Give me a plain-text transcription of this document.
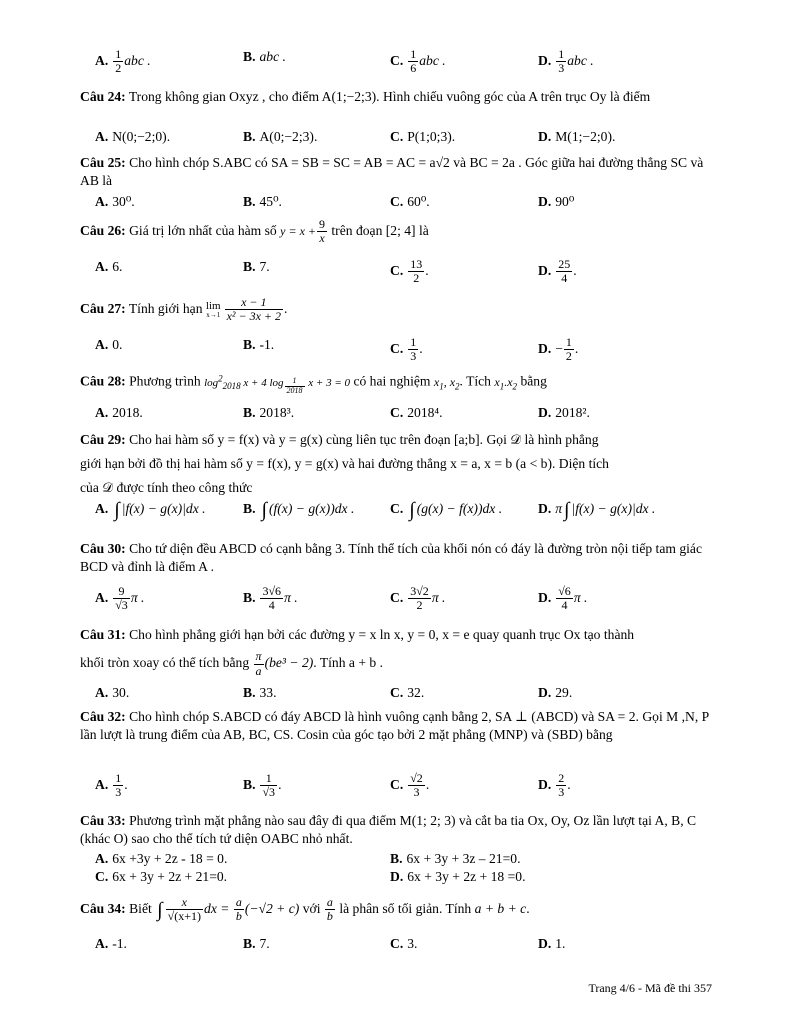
A. $\frac{1}{2}$ abc .	B. abc .	C. $\frac{1}{6}$ abc .	D. $\frac{1}{3}$ abc .

Câu 24: Trong không gian Oxyz , cho điểm A(1;−2;3). Hình chiếu vuông góc của A trên trục Oy là điểm

A. N(0;−2;0).	B. A(0;−2;3).	C. P(1;0;3).	D. M(1;−2;0).

Câu 25: Cho hình chóp S.ABC có SA = SB = SC = AB = AC = a√2 và BC = 2a . Góc giữa hai đường thẳng SC và AB là

A. 30⁰.	B. 45⁰.	C. 60⁰.	D. 90⁰

Câu 26: Giá trị lớn nhất của hàm số $y = x + \frac{9}{x}$ trên đoạn [2; 4] là

A. 6.	B. 7.	C. $\frac{13}{2}$ .	D. $\frac{25}{4}$ .

Câu 27: Tính giới hạn lim
$x\to 1 \frac{x - 1}{\text{x² − 3x + 2}}$ .

A. 0.	B. -1.	C. $\frac{1}{3}$ .	D. − $\frac{1}{2}$ .

Câu 28: Phương trình $\log^2_{2018} x + 4$ log $_{\frac{1}{2018}}$ x + 3 = 0 có hai nghiệm $x_1$, $x_2$. Tích $x_1.x_2$ bằng

A. 2018.	B. 2018³.	C. 2018⁴.	D. 2018².

Câu 29: Cho hai hàm số y = f(x) và y = g(x) cùng liên tục trên đoạn [a;b]. Gọi 𝒟 là hình phẳng

giới hạn bởi đồ thị hai hàm số y = f(x), y = g(x) và hai đường thẳng x = a, x = b (a < b). Diện tích

của 𝒟 được tính theo công thức

A. ∫ |f(x) − g(x)|dx .	B. ∫ (f(x) − g(x))dx .	C. ∫ (g(x) − f(x))dx .	D. π ∫ |f(x) − g(x)|dx .

Câu 30: Cho tứ diện đều ABCD có cạnh bằng 3. Tính thể tích của khối nón có đáy là đường tròn nội tiếp tam giác BCD và đỉnh là điểm A .

A. $\frac{9}{√3}$ π .	B. $\frac{3√6}{4}$ π .	C. $\frac{3√2}{2}$ π .	D. $\frac{√6}{4}$ π .

Câu 31: Cho hình phẳng giới hạn bởi các đường y = x ln x, y = 0, x = e quay quanh trục Ox tạo thành

khối tròn xoay có thể tích bằng $\frac{\pi}{a} (be^3 - 2)$. Tính a + b .

A. 30.	B. 33.	C. 32.	D. 29.

Câu 32: Cho hình chóp S.ABCD có đáy ABCD là hình vuông cạnh bằng 2, SA ⊥ (ABCD) và SA = 2. Gọi M ,N, P lần lượt là trung điểm của AB, BC, CS. Cosin của góc tạo bởi 2 mặt phẳng (MNP) và (SBD) bằng

A. $\frac{1}{3}$ .	B. $\frac{1}{√3}$ .	C. $\frac{√2}{3}$ .	D. $\frac{2}{3}$ .

Câu 33: Phương trình mặt phẳng nào sau đây đi qua điểm M(1; 2; 3) và cắt ba tia Ox, Oy, Oz lần lượt tại A, B, C (khác O) sao cho thể tích tứ diện OABC nhỏ nhất.

A. 6x +3y + 2z - 18 = 0.	B. 6x + 3y + 3z – 21=0.
C. 6x + 3y + 2z + 21=0.	D. 6x + 3y + 2z + 18 =0.

Câu 34: Biết ∫ $\frac{x}{√(x+1)}$ dx = $\frac{a}{b} (-√2 + c)$ với $\frac{a}{b}$ là phân số tối giản. Tính a + b + c.

A. -1.	B. 7.	C. 3.	D. 1.
Trang 4/6 - Mã đề thi 357
